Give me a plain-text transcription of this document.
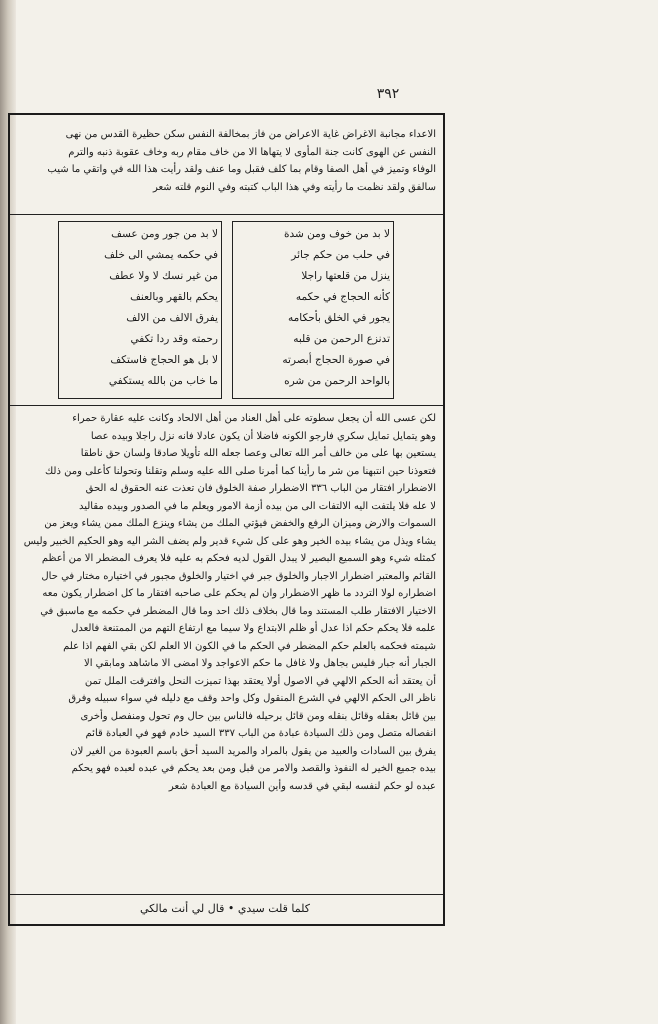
٣٩٢
الاعداء مجانبة الاغراض غاية الاعراض من فاز بمخالفة النفس سكن حظيرة القدس من نهى
النفس عن الهوى كانت جنة المأوى لا يتهاها الا من خاف مقام ربه وخاف عقوبة ذنبه والترم
الوفاء وتميز في أهل الصفا وقام بما كلف فقبل وما عنف ولقد رأيت هذا الله في واتقي ما شيب
سالفق ولقد نظمت ما رأيته وفي هذا الباب كتبته وفي النوم قلته شعر
لا بد من خوف ومن شدة
في حلب من حكم جائر
ينزل من قلعتها راجلا
كأنه الحجاج في حكمه
يجور في الخلق بأحكامه
تدنزع الرحمن من قلبه
في صورة الحجاج أبصرته
بالواحد الرحمن من شره
لا بد من جور ومن عسف
في حكمه يمشي الى خلف
من غير نسك لا ولا عطف
يحكم بالقهر وبالعنف
يفرق الالف من الالف
رحمته وقد ردا تكفي
لا بل هو الحجاج فاستكف
ما خاب من بالله يستكفي
لكن عسى الله أن يجعل سطوته على أهل العناد من أهل الالحاد وكانت عليه عقارة حمراء
وهو يتمايل تمايل سكري فارجو الكونه فاضلا أن يكون عادلا فانه نزل راجلا وبيده عصا
يستعين بها على من خالف أمر الله تعالى وعصا جعله الله تأويلا صادقا ولسان حق ناطقا
فتعوذنا حين انتبهنا من شر ما رأينا كما أمرنا صلى الله عليه وسلم وتقلنا وتحولنا كأعلى ومن ذلك
الاضطرار افتقار من الباب ٣٣٦ الاضطرار صفة الخلوق فان تعذت عنه الحقوق له الحق
لا عله فلا يلتفت اليه الالتفات الى من بيده أزمة الامور ويعلم ما في الصدور وبيده مقاليد
السموات والارض وميزان الرفع والخفض فيؤتي الملك من يشاء وينزع الملك ممن يشاء ويعز من
يشاء ويذل من يشاء بيده الخير وهو على كل شيء قدير ولم يضف الشر اليه وهو الحكيم الخبير وليس
كمثله شيء وهو السميع البصير لا يبدل القول لديه فحكم به عليه فلا يعرف المضطر الا من أعظم
القائم والمعتبر اضطرار الاجبار والخلوق جبر في اختيار والخلوق مجبور في اختياره مختار في حال
اضطراره لولا التردد ما ظهر الاضطرار وان لم يحكم على صاحبه افتقار ما كل اضطرار يكون معه
الاختيار الافتقار طلب المستند وما قال بخلاف ذلك احد وما قال المضطر في حكمه مع ماسبق في
علمه فلا يحكم حكم اذا عدل أو ظلم الابتداع ولا سيما مع ارتفاع التهم من الممتنعة فالعدل
شيمته فحكمه بالعلم حكم المضطر في الحكم ما في الكون الا العلم لكن بقي الفهم اذا علم
الجبار أنه جبار فليس بجاهل ولا غافل ما حكم الاعواجد ولا امضى الا ماشاهد ومابقي الا
أن يعتقد أنه الحكم الالهي في الاصول أولا يعتقد بهذا تميزت النحل وافترقت الملل تمن
ناظر الى الحكم الالهي في الشرع المنقول وكل واحد وقف مع دليله في سواء سبيله وفرق
بين قائل بعقله وقائل بنقله ومن قائل برحيله فالناس بين حال وم تحول ومنفصل وأخرى
انفصاله متصل ومن ذلك السيادة عبادة من الباب ٣٣٧ السيد خادم فهو في العبادة قائم
يفرق بين السادات والعبيد من يقول بالمراد والمريد السيد أحق باسم العبودة من الغير لان
بيده جميع الخير له النفوذ والقصد والامر من قبل ومن بعد يحكم في عبده لعبده فهو يحكم
عبده لو حكم لنفسه لبقي في قدسه وأين السيادة مع العبادة شعر
كلما قلت سيدي • قال لي أنت مالكي
